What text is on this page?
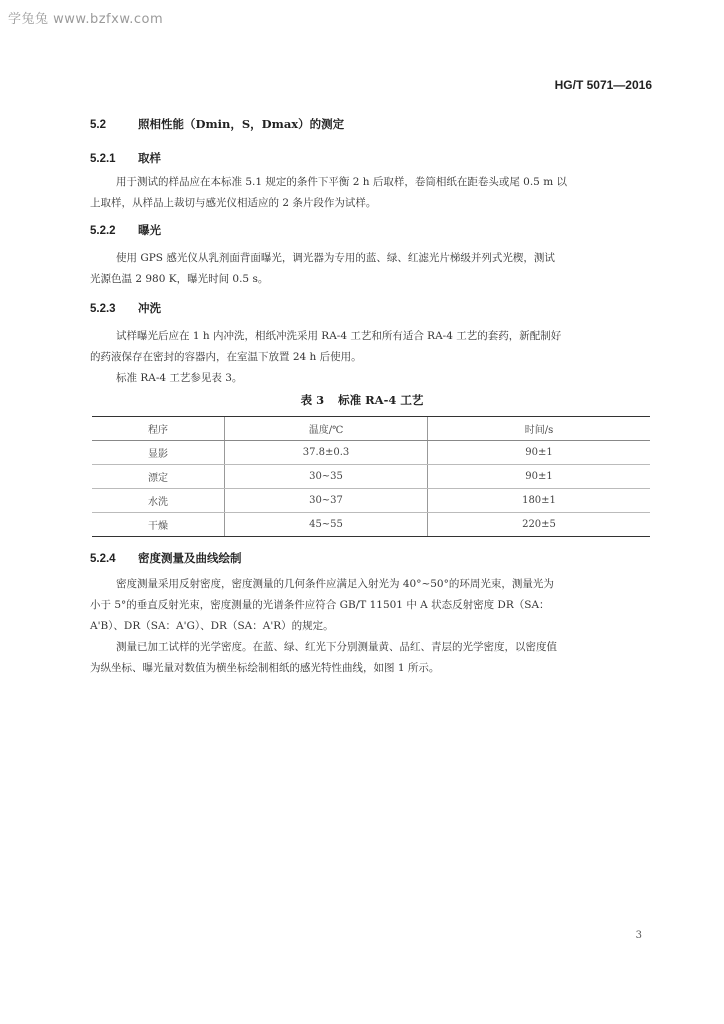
学兔兔 www.bzfxw.com
HG/T 5071—2016
5.2	照相性能（Dmin，S，Dmax）的测定
5.2.1 取样
用于测试的样品应在本标准 5.1 规定的条件下平衡 2 h 后取样，卷筒相纸在距卷头或尾 0.5 m 以
上取样，从样品上裁切与感光仪相适应的 2 条片段作为试样。
5.2.2 曝光
使用 GPS 感光仪从乳剂面背面曝光，调光器为专用的蓝、绿、红滤光片梯级并列式光楔，测试
光源色温 2 980 K，曝光时间 0.5 s。
5.2.3 冲洗
试样曝光后应在 1 h 内冲洗，相纸冲洗采用 RA-4 工艺和所有适合 RA-4 工艺的套药，新配制好
的药液保存在密封的容器内，在室温下放置 24 h 后使用。
标准 RA-4 工艺参见表 3。
表 3 标准 RA-4 工艺
程序	温度/℃	时间/s
显影	37.8±0.3	90±1
漂定	30~35	90±1
水洗	30~37	180±1
干燥	45~55	220±5
5.2.4 密度测量及曲线绘制
密度测量采用反射密度，密度测量的几何条件应满足入射光为 40°~50°的环周光束，测量光为
小于 5°的垂直反射光束，密度测量的光谱条件应符合 GB/T 11501 中 A 状态反射密度 DR（SA：
A'B）、DR（SA：A'G）、DR（SA：A'R）的规定。
测量已加工试样的光学密度。在蓝、绿、红光下分别测量黄、品红、青层的光学密度，以密度值
为纵坐标、曝光量对数值为横坐标绘制相纸的感光特性曲线，如图 1 所示。
3
